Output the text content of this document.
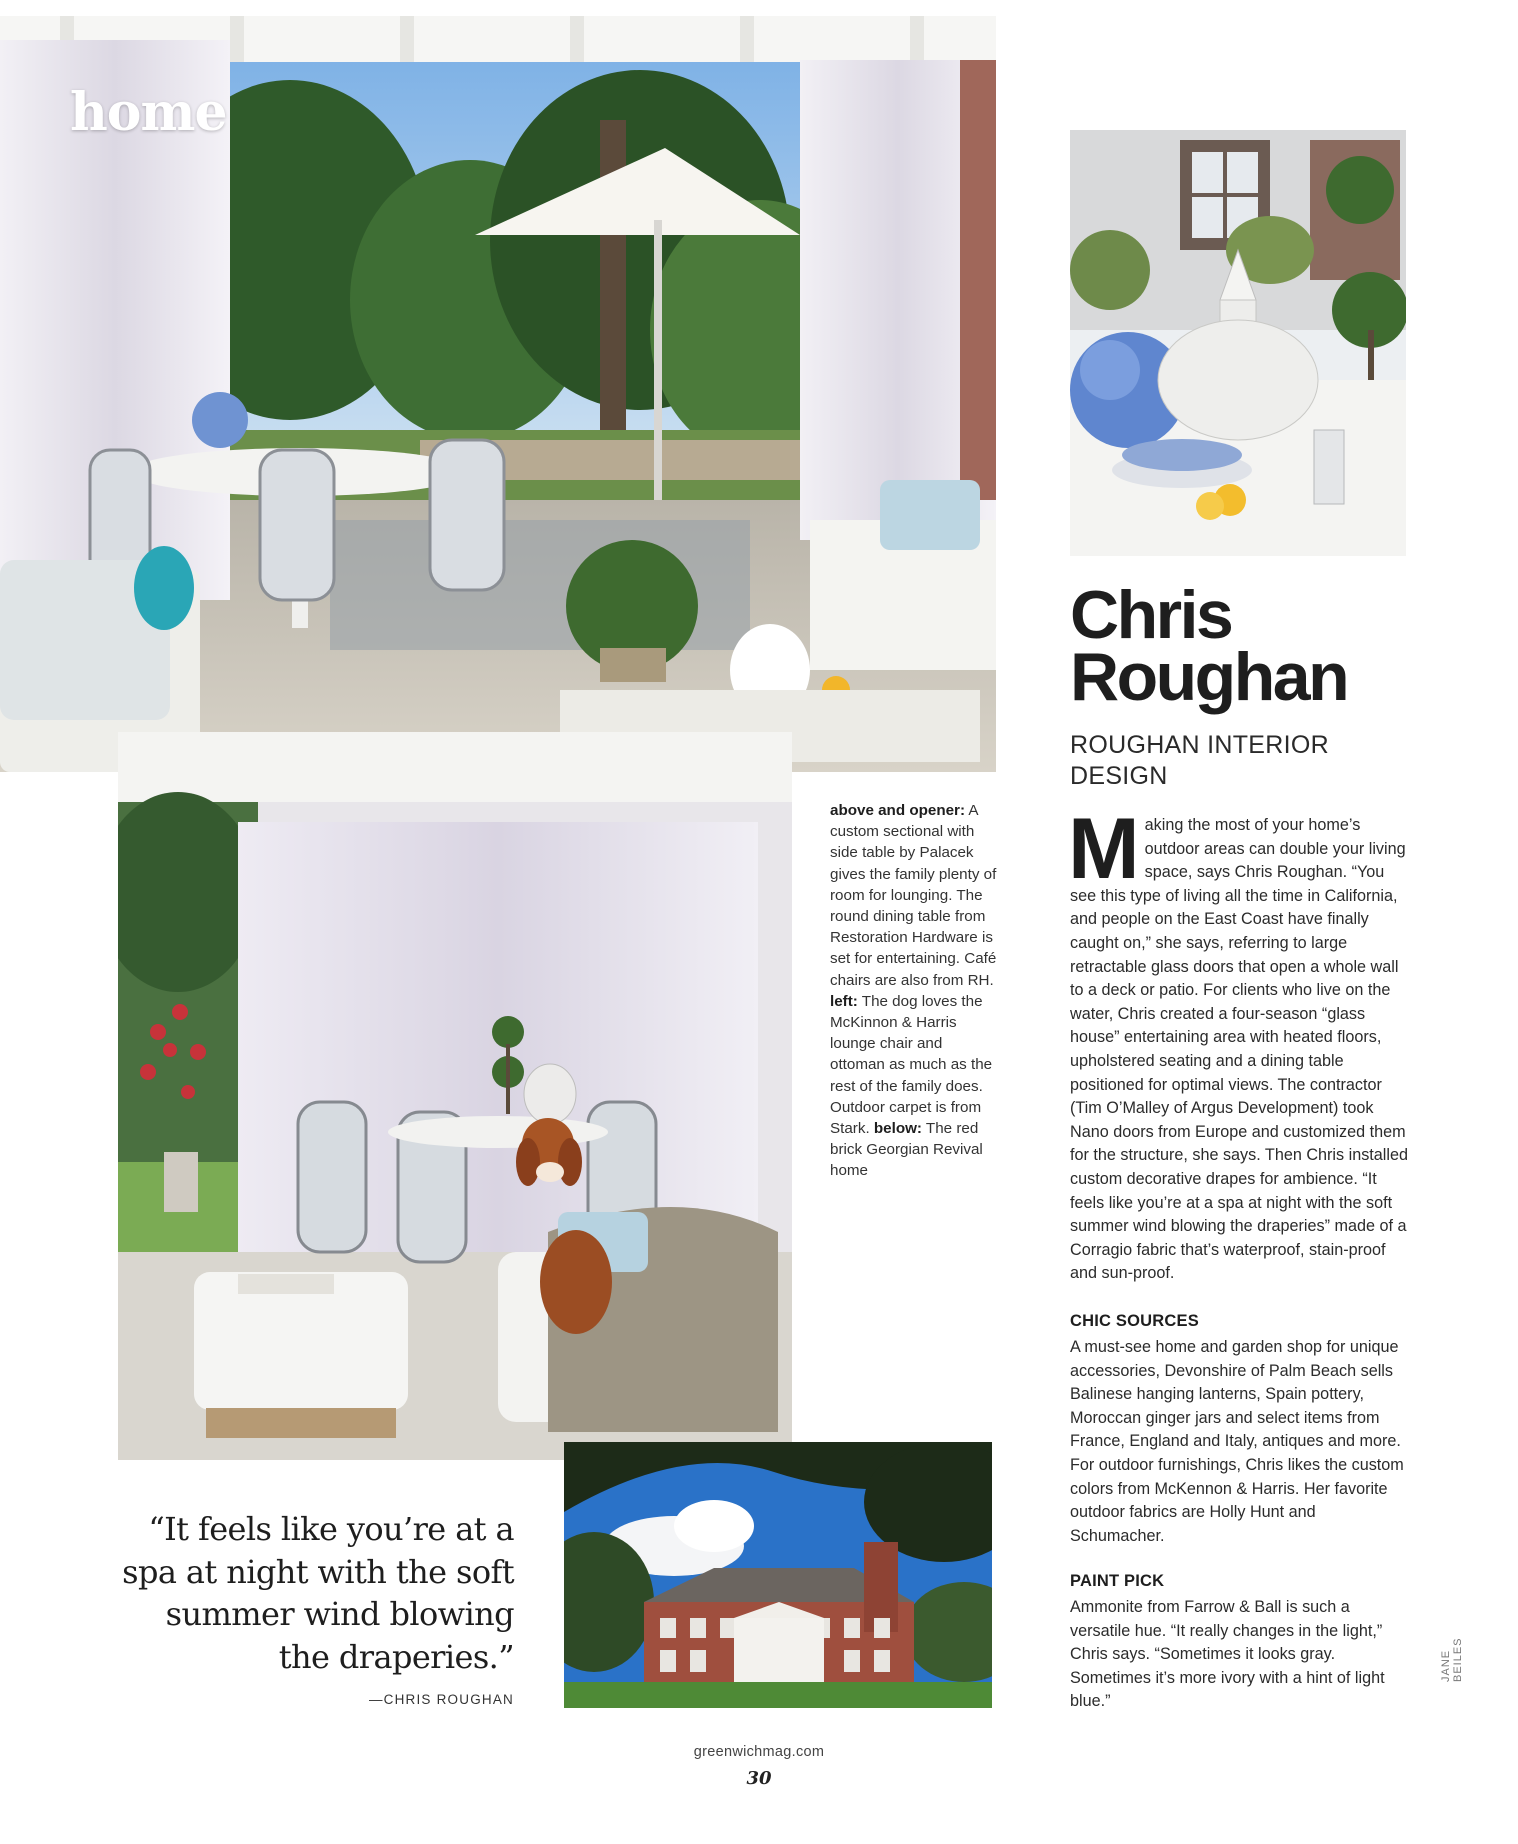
home
Chris
Roughan
ROUGHAN INTERIOR
DESIGN
Making the most of your home’s outdoor areas can double your living space, says Chris Roughan. “You see this type of living all the time in California, and people on the East Coast have finally caught on,” she says, referring to large retractable glass doors that open a whole wall to a deck or patio. For clients who live on the water, Chris created a four-season “glass house” entertaining area with heated floors, upholstered seating and a dining table positioned for optimal views. The contractor (Tim O’Malley of Argus Development) took Nano doors from Europe and customized them for the structure, she says. Then Chris installed custom decorative drapes for ambience. “It feels like you’re at a spa at night with the soft summer wind blowing the draperies” made of a Corragio fabric that’s waterproof, stain-proof and sun-proof.
CHIC SOURCES
A must-see home and garden shop for unique accessories, Devonshire of Palm Beach sells Balinese hanging lanterns, Spain pottery, Moroccan ginger jars and select items from France, England and Italy, antiques and more. For outdoor furnishings, Chris likes the custom colors from McKennon & Harris. Her favorite outdoor fabrics are Holly Hunt and Schumacher.
PAINT PICK
Ammonite from Farrow & Ball is such a versatile hue. “It really changes in the light,” Chris says. “Sometimes it looks gray. Sometimes it’s more ivory with a hint of light blue.”
above and opener: A custom sectional with side table by Palacek gives the family plenty of room for lounging. The round dining table from Restoration Hardware is set for entertaining. Café chairs are also from RH. left: The dog loves the McKinnon & Harris lounge chair and ottoman as much as the rest of the family does. Outdoor carpet is from Stark. below: The red brick Georgian Revival home
“It feels like you’re at a spa at night with the soft summer wind blowing the draperies.”
—CHRIS ROUGHAN
JANE BEILES
greenwichmag.com
30
